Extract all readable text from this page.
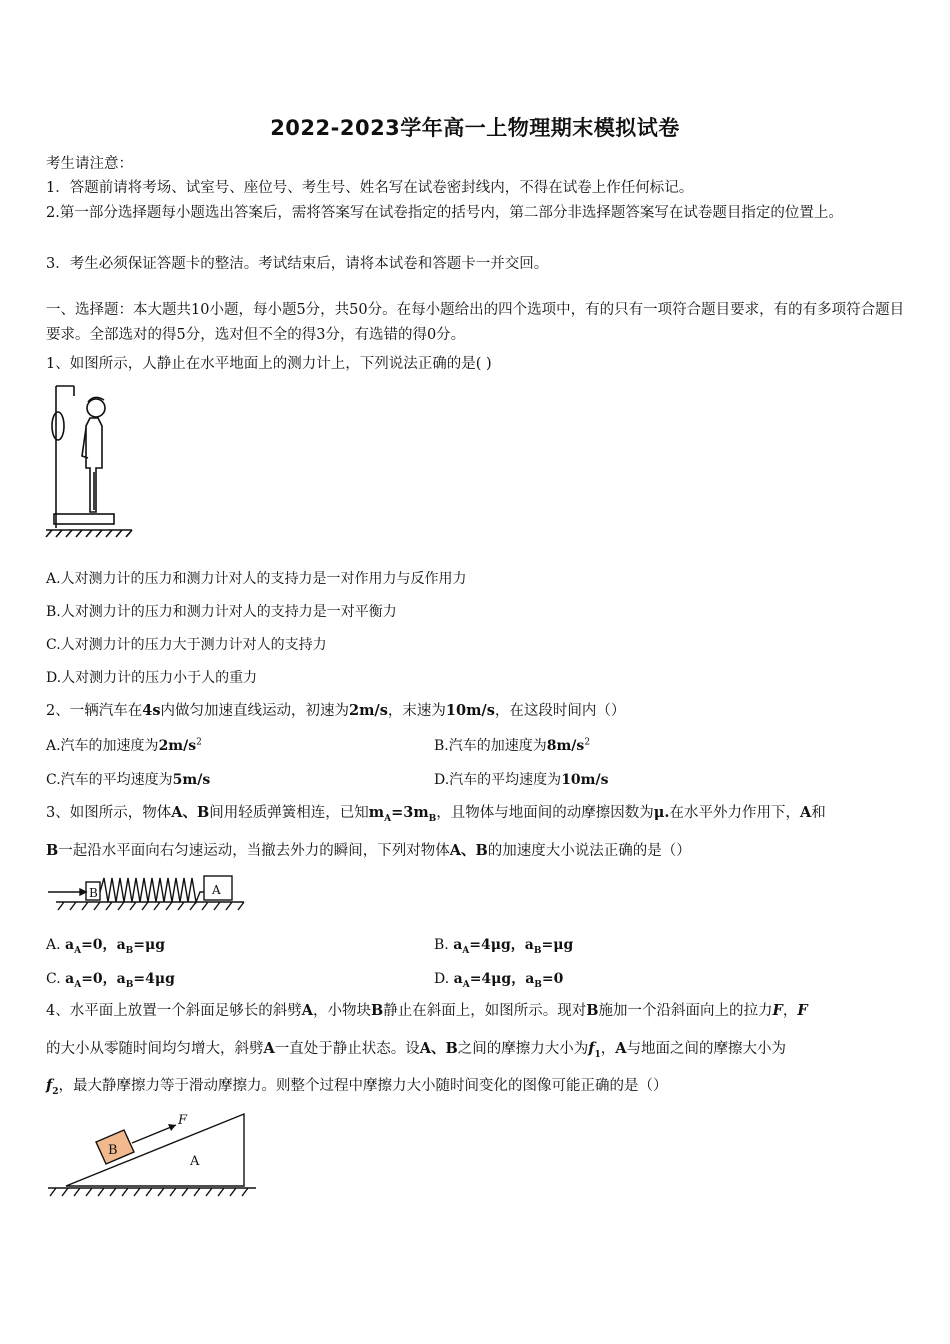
2022-2023学年高一上物理期末模拟试卷
考生请注意：
1．答题前请将考场、试室号、座位号、考生号、姓名写在试卷密封线内，不得在试卷上作任何标记。
2.第一部分选择题每小题选出答案后，需将答案写在试卷指定的括号内，第二部分非选择题答案写在试卷题目指定的位置上。
3．考生必须保证答题卡的整洁。考试结束后，请将本试卷和答题卡一并交回。
一、选择题：本大题共10小题，每小题5分，共50分。在每小题给出的四个选项中，有的只有一项符合题目要求，有的有多项符合题目要求。全部选对的得5分，选对但不全的得3分，有选错的得0分。
1、如图所示，人静止在水平地面上的测力计上，下列说法正确的是( )
A.人对测力计的压力和测力计对人的支持力是一对作用力与反作用力
B.人对测力计的压力和测力计对人的支持力是一对平衡力
C.人对测力计的压力大于测力计对人的支持力
D.人对测力计的压力小于人的重力
2、一辆汽车在4s内做匀加速直线运动，初速为2m/s，末速为10m/s，在这段时间内（）
A.汽车的加速度为$2m/s^2$	B.汽车的加速度为$8m/s^2$
C.汽车的平均速度为5m/s	D.汽车的平均速度为10m/s
3、如图所示，物体A、B间用轻质弹簧相连，已知$m_A=3m_B$，且物体与地面间的动摩擦因数为μ.在水平外力作用下，A和
B一起沿水平面向右匀速运动，当撤去外力的瞬间，下列对物体A、B的加速度大小说法正确的是（）
B	A
A. $a_A=0$，$a_B=\mu g$	B. $a_A=4\mu g$，$a_B=\mu g$
C. $a_A=0$，$a_B=4\mu g$	D. $a_A=4\mu g$，$a_B=0$
4、水平面上放置一个斜面足够长的斜劈A，小物块B静止在斜面上，如图所示。现对B施加一个沿斜面向上的拉力F，F
的大小从零随时间均匀增大，斜劈A一直处于静止状态。设A、B之间的摩擦力大小为$f_1$，A与地面之间的摩擦大小为
$f_2$，最大静摩擦力等于滑动摩擦力。则整个过程中摩擦力大小随时间变化的图像可能正确的是（）
B
A
F
